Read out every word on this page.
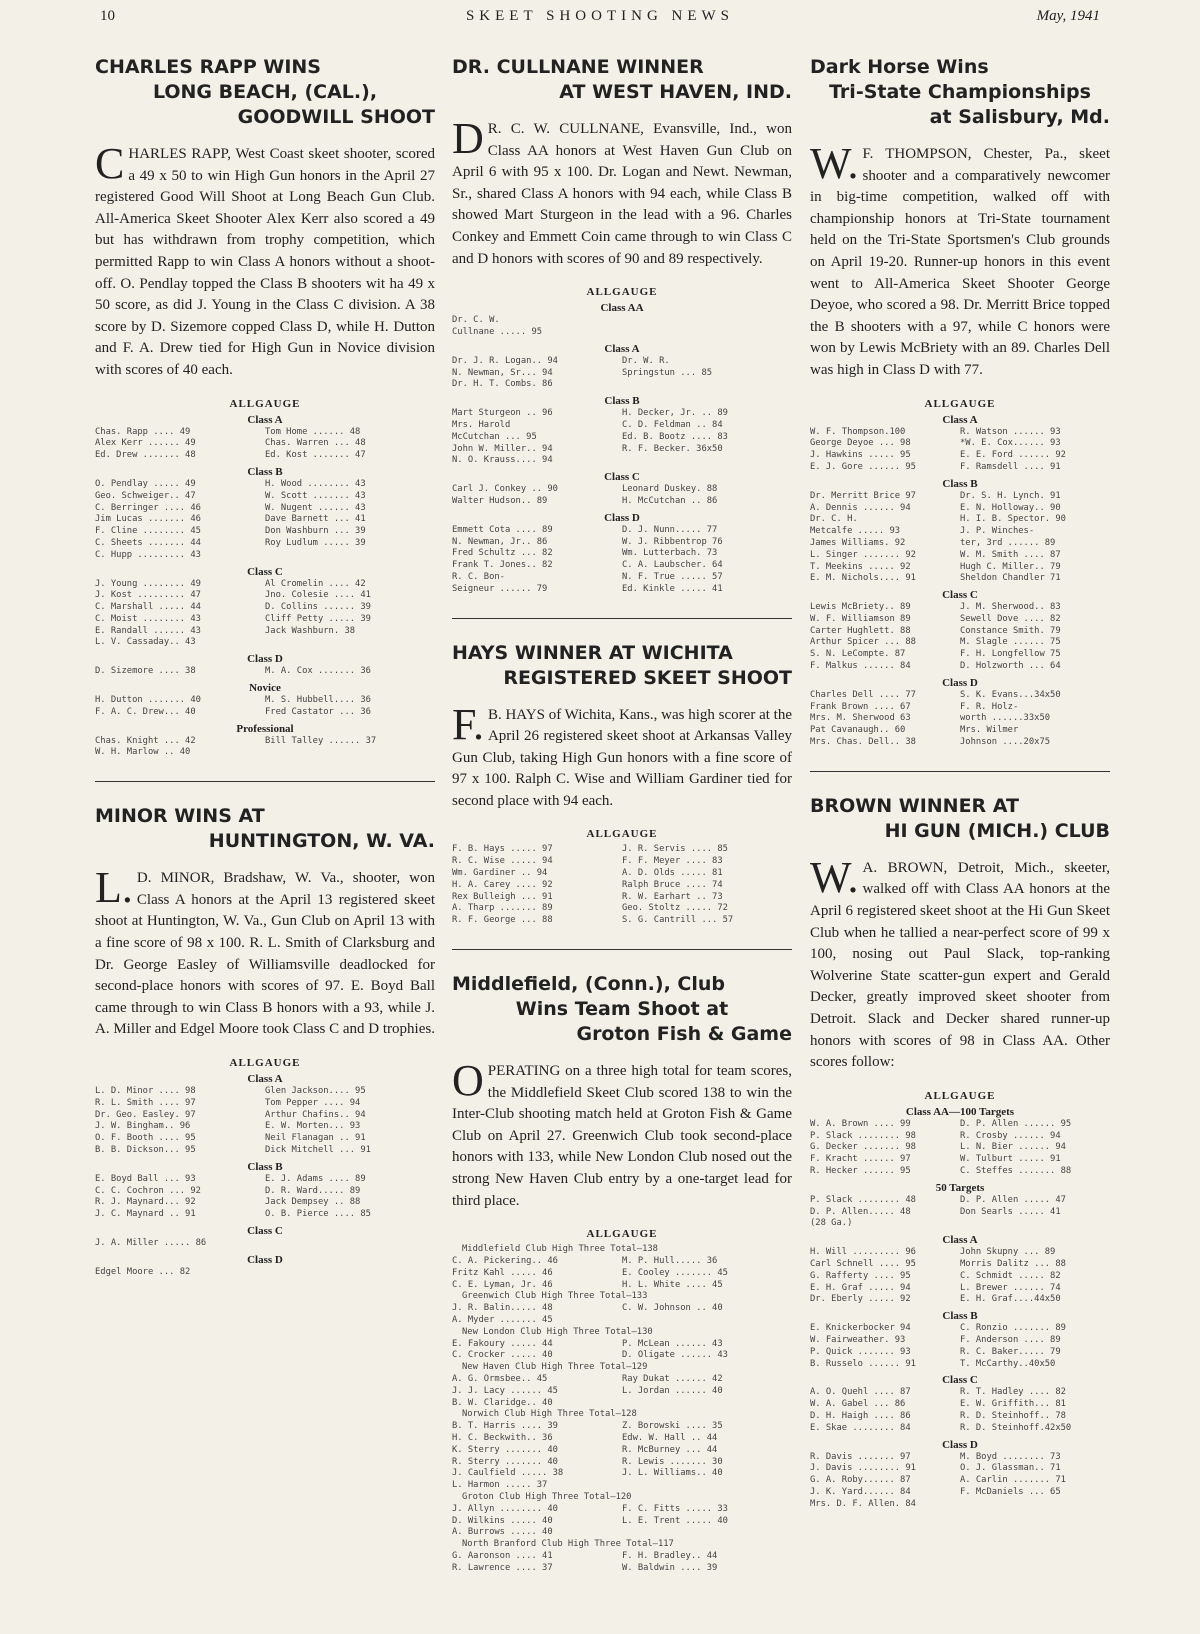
10	SKEET SHOOTING NEWS	May, 1941
CHARLES RAPP WINS
LONG BEACH, (CAL.),
GOODWILL SHOOT
CHARLES RAPP, West Coast skeet shooter, scored a 49 x 50 to win High Gun honors in the April 27 registered Good Will Shoot at Long Beach Gun Club. All-America Skeet Shooter Alex Kerr also scored a 49 but has withdrawn from trophy competition, which permitted Rapp to win Class A honors without a shoot-off. O. Pendlay topped the Class B shooters wit ha 49 x 50 score, as did J. Young in the Class C division. A 38 score by D. Sizemore copped Class D, while H. Dutton and F. A. Drew tied for High Gun in Novice division with scores of 40 each.
ALLGAUGE
Class A
Chas. Rapp .... 49	Tom Home ...... 48
Alex Kerr ...... 49	Chas. Warren ... 48
Ed. Drew ....... 48	Ed. Kost ....... 47
Class B
O. Pendlay ..... 49	H. Wood ........ 43
Geo. Schweiger.. 47	W. Scott ....... 43
C. Berringer .... 46	W. Nugent ...... 43
Jim Lucas ....... 46	Dave Barnett ... 41
F. Cline ........ 45	Don Washburn ... 39
C. Sheets ....... 44	Roy Ludlum ..... 39
C. Hupp ......... 43	
Class C
J. Young ........ 49	Al Cromelin .... 42
J. Kost ......... 47	Jno. Colesie .... 41
C. Marshall ..... 44	D. Collins ...... 39
C. Moist ........ 43	Cliff Petty ..... 39
E. Randall ...... 43	Jack Washburn. 38
L. V. Cassaday.. 43	
Class D
D. Sizemore .... 38	M. A. Cox ....... 36
Novice
H. Dutton ....... 40	M. S. Hubbell.... 36
F. A. C. Drew... 40	Fred Castator ... 36
Professional
Chas. Knight ... 42	Bill Talley ...... 37
W. H. Marlow .. 40	
MINOR WINS AT
HUNTINGTON, W. VA.
L. D. MINOR, Bradshaw, W. Va., shooter, won Class A honors at the April 13 registered skeet shoot at Huntington, W. Va., Gun Club on April 13 with a fine score of 98 x 100. R. L. Smith of Clarksburg and Dr. George Easley of Williamsville deadlocked for second-place honors with scores of 97. E. Boyd Ball came through to win Class B honors with a 93, while J. A. Miller and Edgel Moore took Class C and D trophies.
ALLGAUGE
Class A
L. D. Minor .... 98	Glen Jackson.... 95
R. L. Smith .... 97	Tom Pepper .... 94
Dr. Geo. Easley. 97	Arthur Chafins.. 94
J. W. Bingham.. 96	E. W. Morten... 93
O. F. Booth .... 95	Neil Flanagan .. 91
B. B. Dickson... 95	Dick Mitchell ... 91
Class B
E. Boyd Ball ... 93	E. J. Adams .... 89
C. C. Cochron ... 92	D. R. Ward..... 89
R. J. Maynard... 92	Jack Dempsey .. 88
J. C. Maynard .. 91	O. B. Pierce .... 85
Class C
J. A. Miller ..... 86	
Class D
Edgel Moore ... 82	
DR. CULLNANE WINNER
AT WEST HAVEN, IND.
D R. C. W. CULLNANE, Evansville, Ind., won Class AA honors at West Haven Gun Club on April 6 with 95 x 100. Dr. Logan and Newt. Newman, Sr., shared Class A honors with 94 each, while Class B showed Mart Sturgeon in the lead with a 96. Charles Conkey and Emmett Coin came through to win Class C and D honors with scores of 90 and 89 respectively.
ALLGAUGE
Class AA
Dr. C. W.	
Cullnane ..... 95	
Class A
Dr. J. R. Logan.. 94	Dr. W. R.
N. Newman, Sr... 94	Springstun ... 85
Dr. H. T. Combs. 86	
Class B
Mart Sturgeon .. 96	H. Decker, Jr. .. 89
Mrs. Harold	C. D. Feldman .. 84
McCutchan ... 95	Ed. B. Bootz .... 83
John W. Miller.. 94	R. F. Becker. 36x50
N. O. Krauss.... 94	
Class C
Carl J. Conkey .. 90	Leonard Duskey. 88
Walter Hudson.. 89	H. McCutchan .. 86
Class D
Emmett Cota .... 89	D. J. Nunn..... 77
N. Newman, Jr.. 86	W. J. Ribbentrop 76
Fred Schultz ... 82	Wm. Lutterbach. 73
Frank T. Jones.. 82	C. A. Laubscher. 64
R. C. Bon-	N. F. True ..... 57
Seigneur ...... 79	Ed. Kinkle ..... 41
HAYS WINNER AT WICHITA
REGISTERED SKEET SHOOT
F. B. HAYS of Wichita, Kans., was high scorer at the April 26 registered skeet shoot at Arkansas Valley Gun Club, taking High Gun honors with a fine score of 97 x 100. Ralph C. Wise and William Gardiner tied for second place with 94 each.
ALLGAUGE
F. B. Hays ..... 97	J. R. Servis .... 85
R. C. Wise ..... 94	F. F. Meyer .... 83
Wm. Gardiner .. 94	A. D. Olds ..... 81
H. A. Carey .... 92	Ralph Bruce .... 74
Rex Bulleigh ... 91	R. W. Earhart .. 73
A. Tharp ....... 89	Geo. Stoltz ..... 72
R. F. George ... 88	S. G. Cantrill ... 57
Middlefield, (Conn.), Club
Wins Team Shoot at
Groton Fish & Game
OPERATING on a three high total for team scores, the Middlefield Skeet Club scored 138 to win the Inter-Club shooting match held at Groton Fish & Game Club on April 27. Greenwich Club took second-place honors with 133, while New London Club nosed out the strong New Haven Club entry by a one-target lead for third place.
ALLGAUGE
Middlefield Club High Three Total—138
C. A. Pickering.. 46	M. P. Hull..... 36
Fritz Kahl ..... 46	E. Cooley ....... 45
C. E. Lyman, Jr. 46	H. L. White .... 45
Greenwich Club High Three Total—133
J. R. Balin..... 48	C. W. Johnson .. 40
A. Myder ....... 45	
New London Club High Three Total—130
E. Fakoury ..... 44	P. McLean ...... 43
C. Crocker ..... 40	D. Oligate ...... 43
New Haven Club High Three Total—129
A. G. Ormsbee.. 45	Ray Dukat ...... 42
J. J. Lacy ...... 45	L. Jordan ...... 40
B. W. Claridge.. 40	
Norwich Club High Three Total—128
B. T. Harris .... 39	Z. Borowski .... 35
H. C. Beckwith.. 36	Edw. W. Hall .. 44
K. Sterry ....... 40	R. McBurney ... 44
R. Sterry ....... 40	R. Lewis ....... 30
J. Caulfield ..... 38	J. L. Williams.. 40
L. Harmon ..... 37	
Groton Club High Three Total—120
J. Allyn ........ 40	F. C. Fitts ..... 33
D. Wilkins ..... 40	L. E. Trent ..... 40
A. Burrows ..... 40	
North Branford Club High Three Total—117
G. Aaronson .... 41	F. H. Bradley.. 44
R. Lawrence .... 37	W. Baldwin .... 39
Dark Horse Wins
Tri-State Championships
at Salisbury, Md.
W. F. THOMPSON, Chester, Pa., skeet shooter and a comparatively newcomer in big-time competition, walked off with championship honors at Tri-State tournament held on the Tri-State Sportsmen's Club grounds on April 19-20. Runner-up honors in this event went to All-America Skeet Shooter George Deyoe, who scored a 98. Dr. Merritt Brice topped the B shooters with a 97, while C honors were won by Lewis McBriety with an 89. Charles Dell was high in Class D with 77.
ALLGAUGE
Class A
W. F. Thompson.100	R. Watson ...... 93
George Deyoe ... 98	*W. E. Cox...... 93
J. Hawkins ..... 95	E. E. Ford ...... 92
E. J. Gore ...... 95	F. Ramsdell .... 91
Class B
Dr. Merritt Brice 97	Dr. S. H. Lynch. 91
A. Dennis ...... 94	E. N. Holloway.. 90
Dr. C. H.	H. I. B. Spector. 90
Metcalfe ..... 93	J. P. Winches-
James Williams. 92	ter, 3rd ...... 89
L. Singer ....... 92	W. M. Smith .... 87
T. Meekins ..... 92	Hugh C. Miller.. 79
E. M. Nichols.... 91	Sheldon Chandler 71
Class C
Lewis McBriety.. 89	J. M. Sherwood.. 83
W. F. Williamson 89	Sewell Dove .... 82
Carter Hughlett. 88	Constance Smith. 79
Arthur Spicer ... 88	M. Slagle ...... 75
S. N. LeCompte. 87	F. H. Longfellow 75
F. Malkus ...... 84	D. Holzworth ... 64
Class D
Charles Dell .... 77	S. K. Evans...34x50
Frank Brown .... 67	F. R. Holz-
Mrs. M. Sherwood 63	worth ......33x50
Pat Cavanaugh.. 60	Mrs. Wilmer
Mrs. Chas. Dell.. 38	Johnson ....20x75
BROWN WINNER AT
HI GUN (MICH.) CLUB
W. A. BROWN, Detroit, Mich., skeeter, walked off with Class AA honors at the April 6 registered skeet shoot at the Hi Gun Skeet Club when he tallied a near-perfect score of 99 x 100, nosing out Paul Slack, top-ranking Wolverine State scatter-gun expert and Gerald Decker, greatly improved skeet shooter from Detroit. Slack and Decker shared runner-up honors with scores of 98 in Class AA. Other scores follow:
ALLGAUGE
Class AA—100 Targets
W. A. Brown .... 99	D. P. Allen ...... 95
P. Slack ........ 98	R. Crosby ...... 94
G. Decker ....... 98	L. N. Bier ...... 94
F. Kracht ...... 97	W. Tulburt ..... 91
R. Hecker ...... 95	C. Steffes ....... 88
50 Targets
P. Slack ........ 48	D. P. Allen ..... 47
D. P. Allen..... 48	Don Searls ..... 41
(28 Ga.)	
Class A
H. Will ......... 96	John Skupny ... 89
Carl Schnell .... 95	Morris Dalitz ... 88
G. Rafferty .... 95	C. Schmidt ..... 82
E. H. Graf ..... 94	L. Brewer ...... 74
Dr. Eberly ..... 92	E. H. Graf....44x50
Class B
E. Knickerbocker 94	C. Ronzio ....... 89
W. Fairweather. 93	F. Anderson .... 89
P. Quick ....... 93	R. C. Baker..... 79
B. Russelo ...... 91	T. McCarthy..40x50
Class C
A. O. Quehl .... 87	R. T. Hadley .... 82
W. A. Gabel ... 86	E. W. Griffith... 81
D. H. Haigh .... 86	R. D. Steinhoff.. 78
E. Skae ........ 84	R. D. Steinhoff.42x50
Class D
R. Davis ....... 97	M. Boyd ........ 73
J. Davis ........ 91	O. J. Glassman.. 71
G. A. Roby...... 87	A. Carlin ....... 71
J. K. Yard...... 84	F. McDaniels ... 65
Mrs. D. F. Allen. 84	
